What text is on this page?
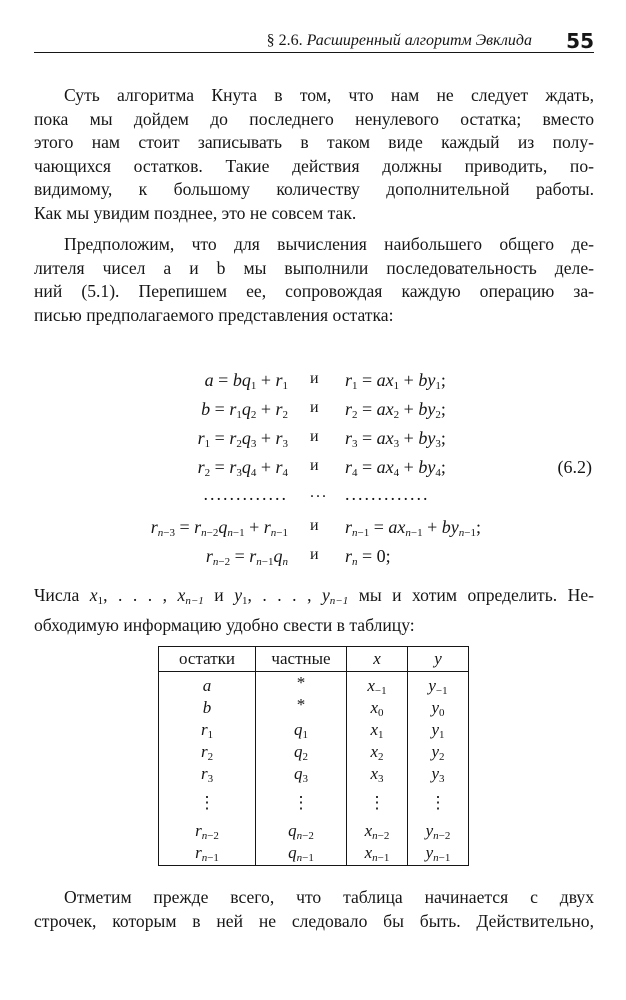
§ 2.6. Расширенный алгоритм Эвклида 55
Суть алгоритма Кнута в том, что нам не следует ждать,
пока мы дойдем до последнего ненулевого остатка; вместо
этого нам стоит записывать в таком виде каждый из полу-
чающихся остатков. Такие действия должны приводить, по-
видимому, к большому количеству дополнительной работы.
Как мы увидим позднее, это не совсем так.
Предположим, что для вычисления наибольшего общего де-
лителя чисел a и b мы выполнили последовательность деле-
ний (5.1). Перепишем ее, сопровождая каждую операцию за-
писью предполагаемого представления остатка:
$a = bq_1 + r_1$ и $r_1 = ax_1 + by_1$;
$b = r_1q_2 + r_2$ и $r_2 = ax_2 + by_2$;
$r_1 = r_2q_3 + r_3$ и $r_3 = ax_3 + by_3$;
$r_2 = r_3q_4 + r_4$ и $r_4 = ax_4 + by_4$;	(6.2)
............. ... .............
$r_{n-3} = r_{n-2}q_{n-1} + r_{n-1}$ и $r_{n-1} = ax_{n-1} + by_{n-1}$;
$r_{n-2} = r_{n-1}q_n$ и $r_n = 0$;
Числа $x_1$, . . . , $x_{n-1}$ и $y_1$, . . . , $y_{n-1}$ мы и хотим определить. Не-
обходимую информацию удобно свести в таблицу:
остатки	частные	x	y
a	*	$x_{-1}$	$y_{-1}$
b	*	$x_0$	$y_0$
$r_1$	$q_1$	$x_1$	$y_1$
$r_2$	$q_2$	$x_2$	$y_2$
$r_3$	$q_3$	$x_3$	$y_3$
⋮	⋮	⋮	⋮
$r_{n-2}$	$q_{n-2}$	$x_{n-2}$	$y_{n-2}$
$r_{n-1}$	$q_{n-1}$	$x_{n-1}$	$y_{n-1}$
Отметим прежде всего, что таблица начинается с двух
строчек, которым в ней не следовало бы быть. Действительно,
